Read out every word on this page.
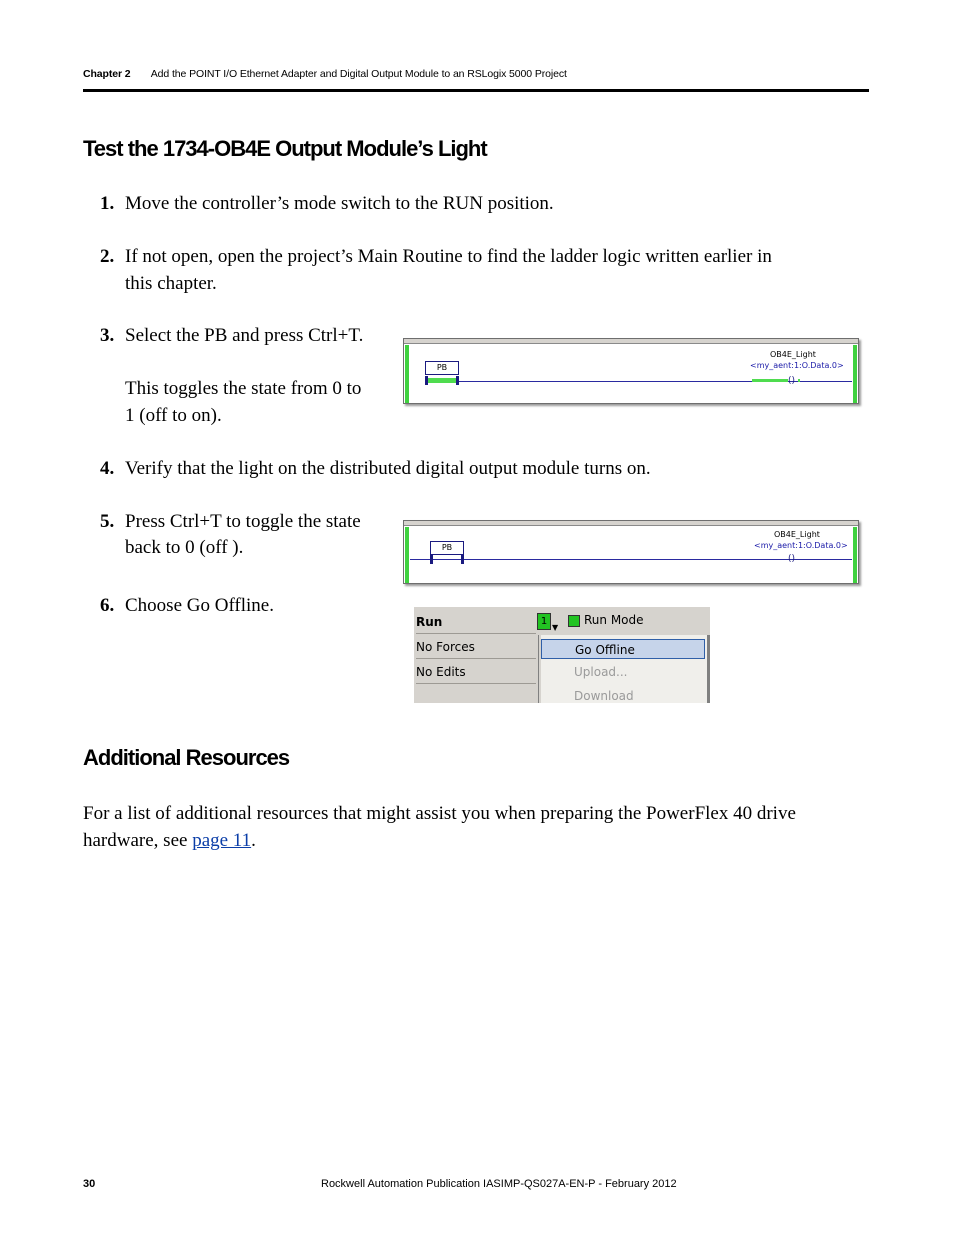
Chapter 2 Add the POINT I/O Ethernet Adapter and Digital Output Module to an RSLogix 5000 Project
Test the 1734-OB4E Output Module’s Light
1. Move the controller’s mode switch to the RUN position.
2. If not open, open the project’s Main Routine to find the ladder logic written earlier in
this chapter.
3. Select the PB and press Ctrl+T.
This toggles the state from 0 to
1 (off to on).
PB
OB4E_Light
<my_aent:1:O.Data.0>
()
4. Verify that the light on the distributed digital output module turns on.
5. Press Ctrl+T to toggle the state
back to 0 (off ).	PB
OB4E_Light
<my_aent:1:O.Data.0>
()
6. Choose Go Offline.
Run
No Forces
No Edits
1
▼
Run Mode
Go Offline
Upload...
Download
Additional Resources
For a list of additional resources that might assist you when preparing the PowerFlex 40 drive
hardware, see page 11.
30	Rockwell Automation Publication IASIMP-QS027A-EN-P - February 2012
